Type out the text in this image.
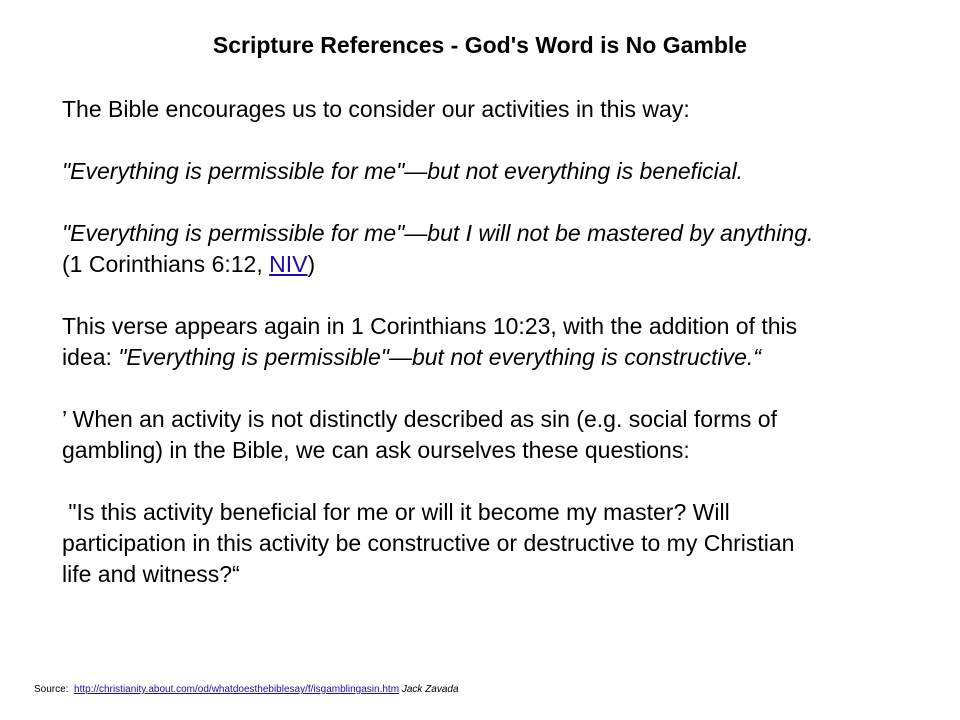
Scripture References - God's Word is No Gamble
The Bible encourages us to consider our activities in this way:
"Everything is permissible for me"—but not everything is beneficial.
"Everything is permissible for me"—but I will not be mastered by anything.
(1 Corinthians 6:12, NIV)
This verse appears again in 1 Corinthians 10:23, with the addition of this
idea: "Everything is permissible"—but not everything is constructive.“
’ When an activity is not distinctly described as sin (e.g. social forms of
gambling) in the Bible, we can ask ourselves these questions:
"Is this activity beneficial for me or will it become my master? Will
participation in this activity be constructive or destructive to my Christian
life and witness?“
Source:  http://christianity.about.com/od/whatdoesthebiblesay/f/isgamblingasin.htm Jack Zavada
